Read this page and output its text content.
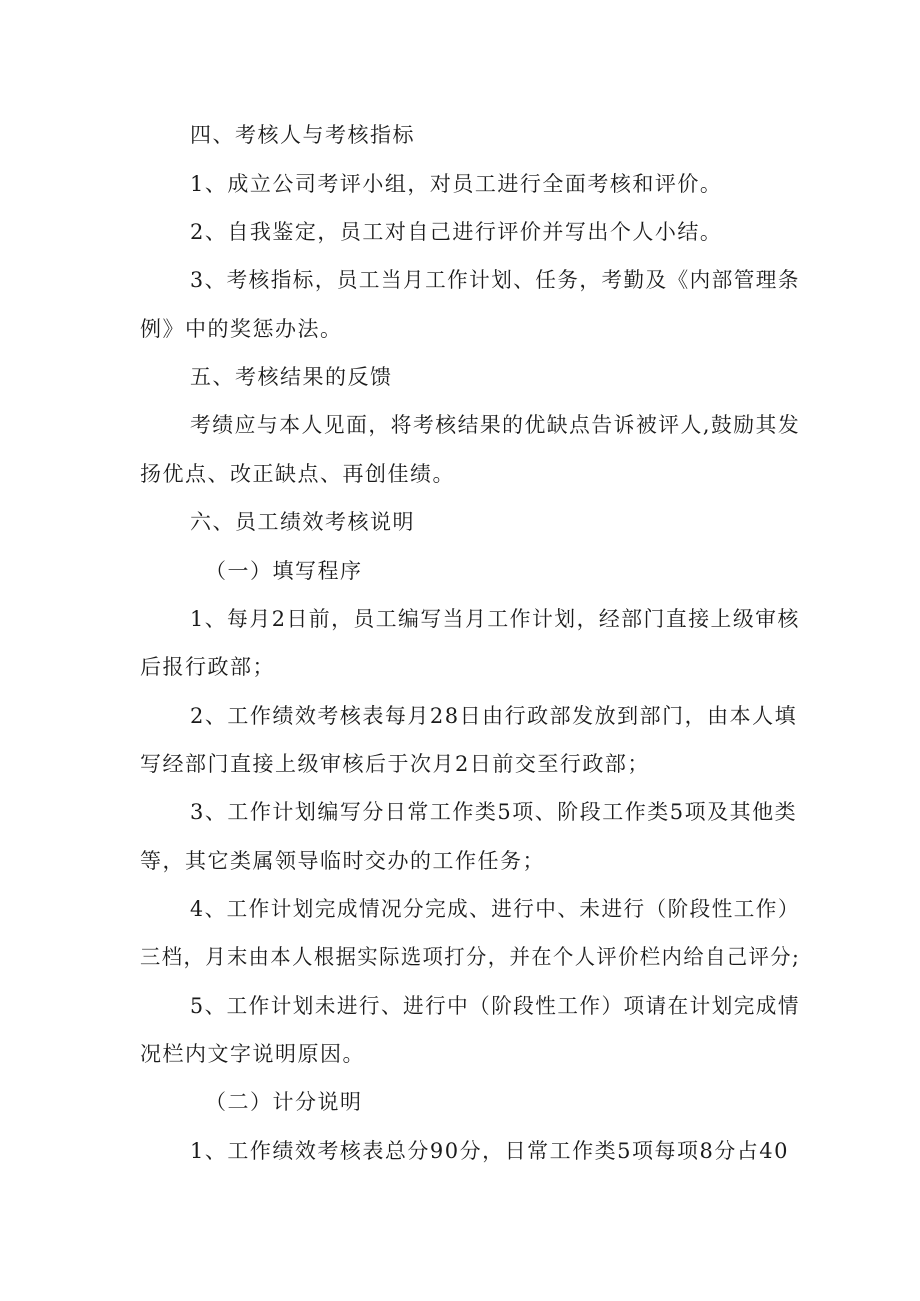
四、考核人与考核指标
1、成立公司考评小组，对员工进行全面考核和评价。
2、自我鉴定，员工对自己进行评价并写出个人小结。
3、考核指标，员工当月工作计划、任务，考勤及《内部管理条
例》中的奖惩办法。
五、考核结果的反馈
考绩应与本人见面，将考核结果的优缺点告诉被评人,鼓励其发
扬优点、改正缺点、再创佳绩。
六、员工绩效考核说明
（一）填写程序
1、每月2日前，员工编写当月工作计划，经部门直接上级审核
后报行政部；
2、工作绩效考核表每月28日由行政部发放到部门，由本人填
写经部门直接上级审核后于次月2日前交至行政部；
3、工作计划编写分日常工作类5项、阶段工作类5项及其他类
等，其它类属领导临时交办的工作任务；
4、工作计划完成情况分完成、进行中、未进行（阶段性工作）
三档，月末由本人根据实际选项打分，并在个人评价栏内给自己评分;
5、工作计划未进行、进行中（阶段性工作）项请在计划完成情
况栏内文字说明原因。
（二）计分说明
1、工作绩效考核表总分90分，日常工作类5项每项8分占40
